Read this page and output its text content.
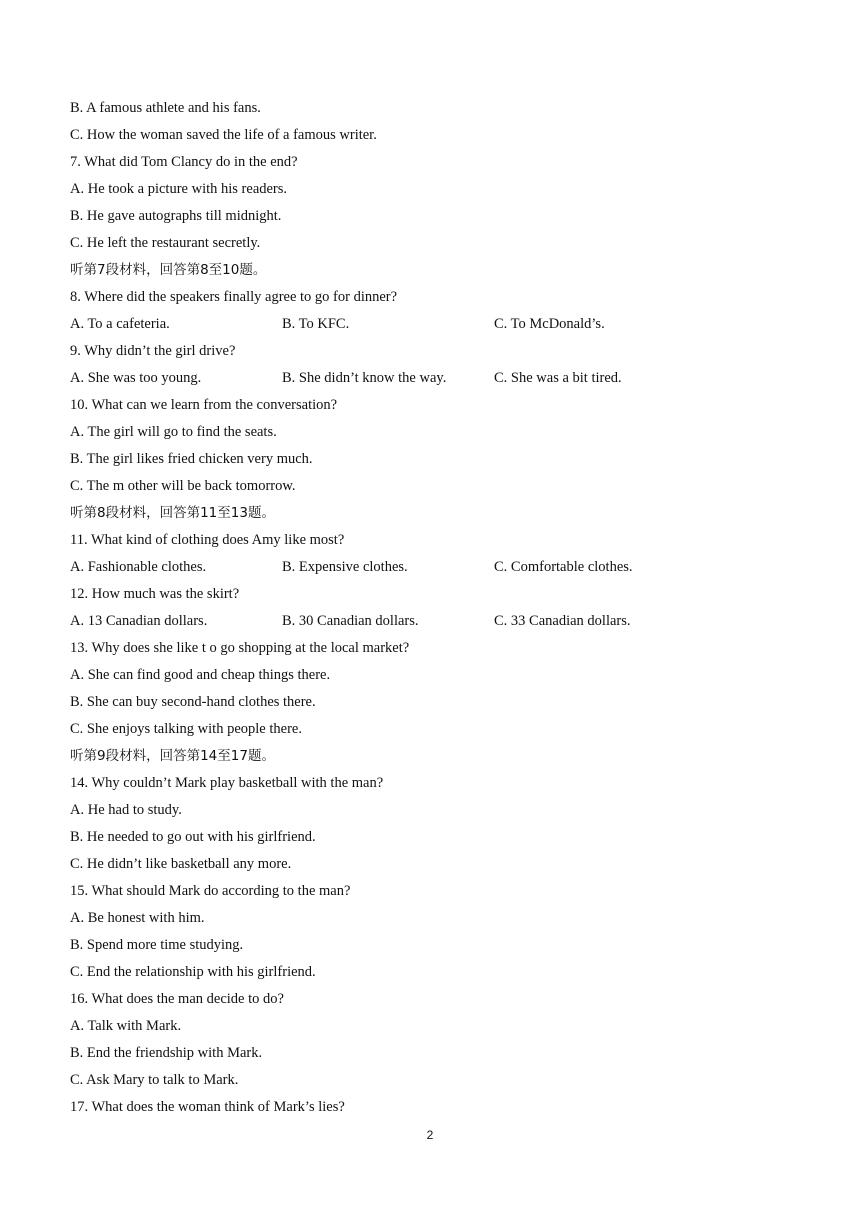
B. A famous athlete and his fans.
C. How the woman saved the life of a famous writer.
7. What did Tom Clancy do in the end?
A. He took a picture with his readers.
B. He gave autographs till midnight.
C. He left the restaurant secretly.
听第7段材料，回答第8至10题。
8. Where did the speakers finally agree to go for dinner?
A. To a cafeteria.	B. To KFC.	C. To McDonald’s.
9. Why didn’t the girl drive?
A. She was too young.	B. She didn’t know the way.	C. She was a bit tired.
10. What can we learn from the conversation?
A. The girl will go to find the seats.
B. The girl likes fried chicken very much.
C. The m other will be back tomorrow.
听第8段材料，回答第11至13题。
11. What kind of clothing does Amy like most?
A. Fashionable clothes.	B. Expensive clothes.	C. Comfortable clothes.
12. How much was the skirt?
A. 13 Canadian dollars.	B. 30 Canadian dollars.	C. 33 Canadian dollars.
13. Why does she like t o go shopping at the local market?
A. She can find good and cheap things there.
B. She can buy second-hand clothes there.
C. She enjoys talking with people there.
听第9段材料，回答第14至17题。
14. Why couldn’t Mark play basketball with the man?
A. He had to study.
B. He needed to go out with his girlfriend.
C. He didn’t like basketball any more.
15. What should Mark do according to the man?
A. Be honest with him.
B. Spend more time studying.
C. End the relationship with his girlfriend.
16. What does the man decide to do?
A. Talk with Mark.
B. End the friendship with Mark.
C. Ask Mary to talk to Mark.
17. What does the woman think of Mark’s lies?
2
